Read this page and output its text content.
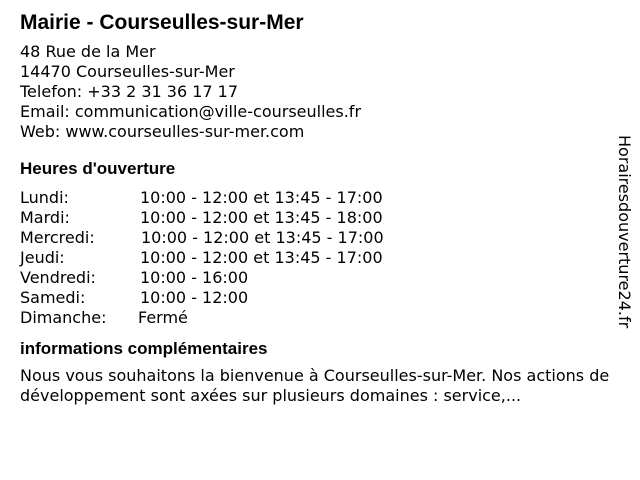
Mairie - Courseulles-sur-Mer
48 Rue de la Mer
14470 Courseulles-sur-Mer
Telefon: +33 2 31 36 17 17
Email: communication@ville-courseulles.fr
Web: www.courseulles-sur-mer.com
Heures d'ouverture
Lundi:	10:00 - 12:00 et 13:45 - 17:00
Mardi:	10:00 - 12:00 et 13:45 - 18:00
Mercredi:	10:00 - 12:00 et 13:45 - 17:00
Jeudi:	10:00 - 12:00 et 13:45 - 17:00
Vendredi:	10:00 - 16:00
Samedi:	10:00 - 12:00
Dimanche: Fermé
informations complémentaires
Nous vous souhaitons la bienvenue à Courseulles-sur-Mer. Nos actions de développement sont axées sur plusieurs domaines : service,...
Horairesdouverture24.fr
